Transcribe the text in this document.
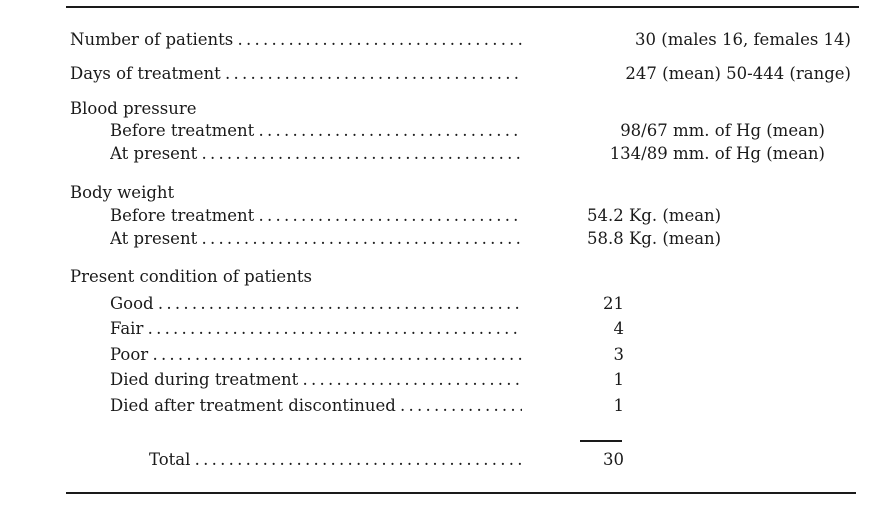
Number of patients . . .	30 (males 16, females 14)
Days of treatment . . .	247 (mean) 50-444 (range)
Blood pressure
Before treatment . . .	98/67 mm. of Hg (mean)
At present . . .	134/89 mm. of Hg (mean)
Body weight
Before treatment . . .	54.2 Kg. (mean)
At present . . .	58.8 Kg. (mean)
Present condition of patients
Good . . .	21
Fair . . .	4
Poor . . .	3
Died during treatment . . .	1
Died after treatment discontinued . . .	1
Total . . .	30
